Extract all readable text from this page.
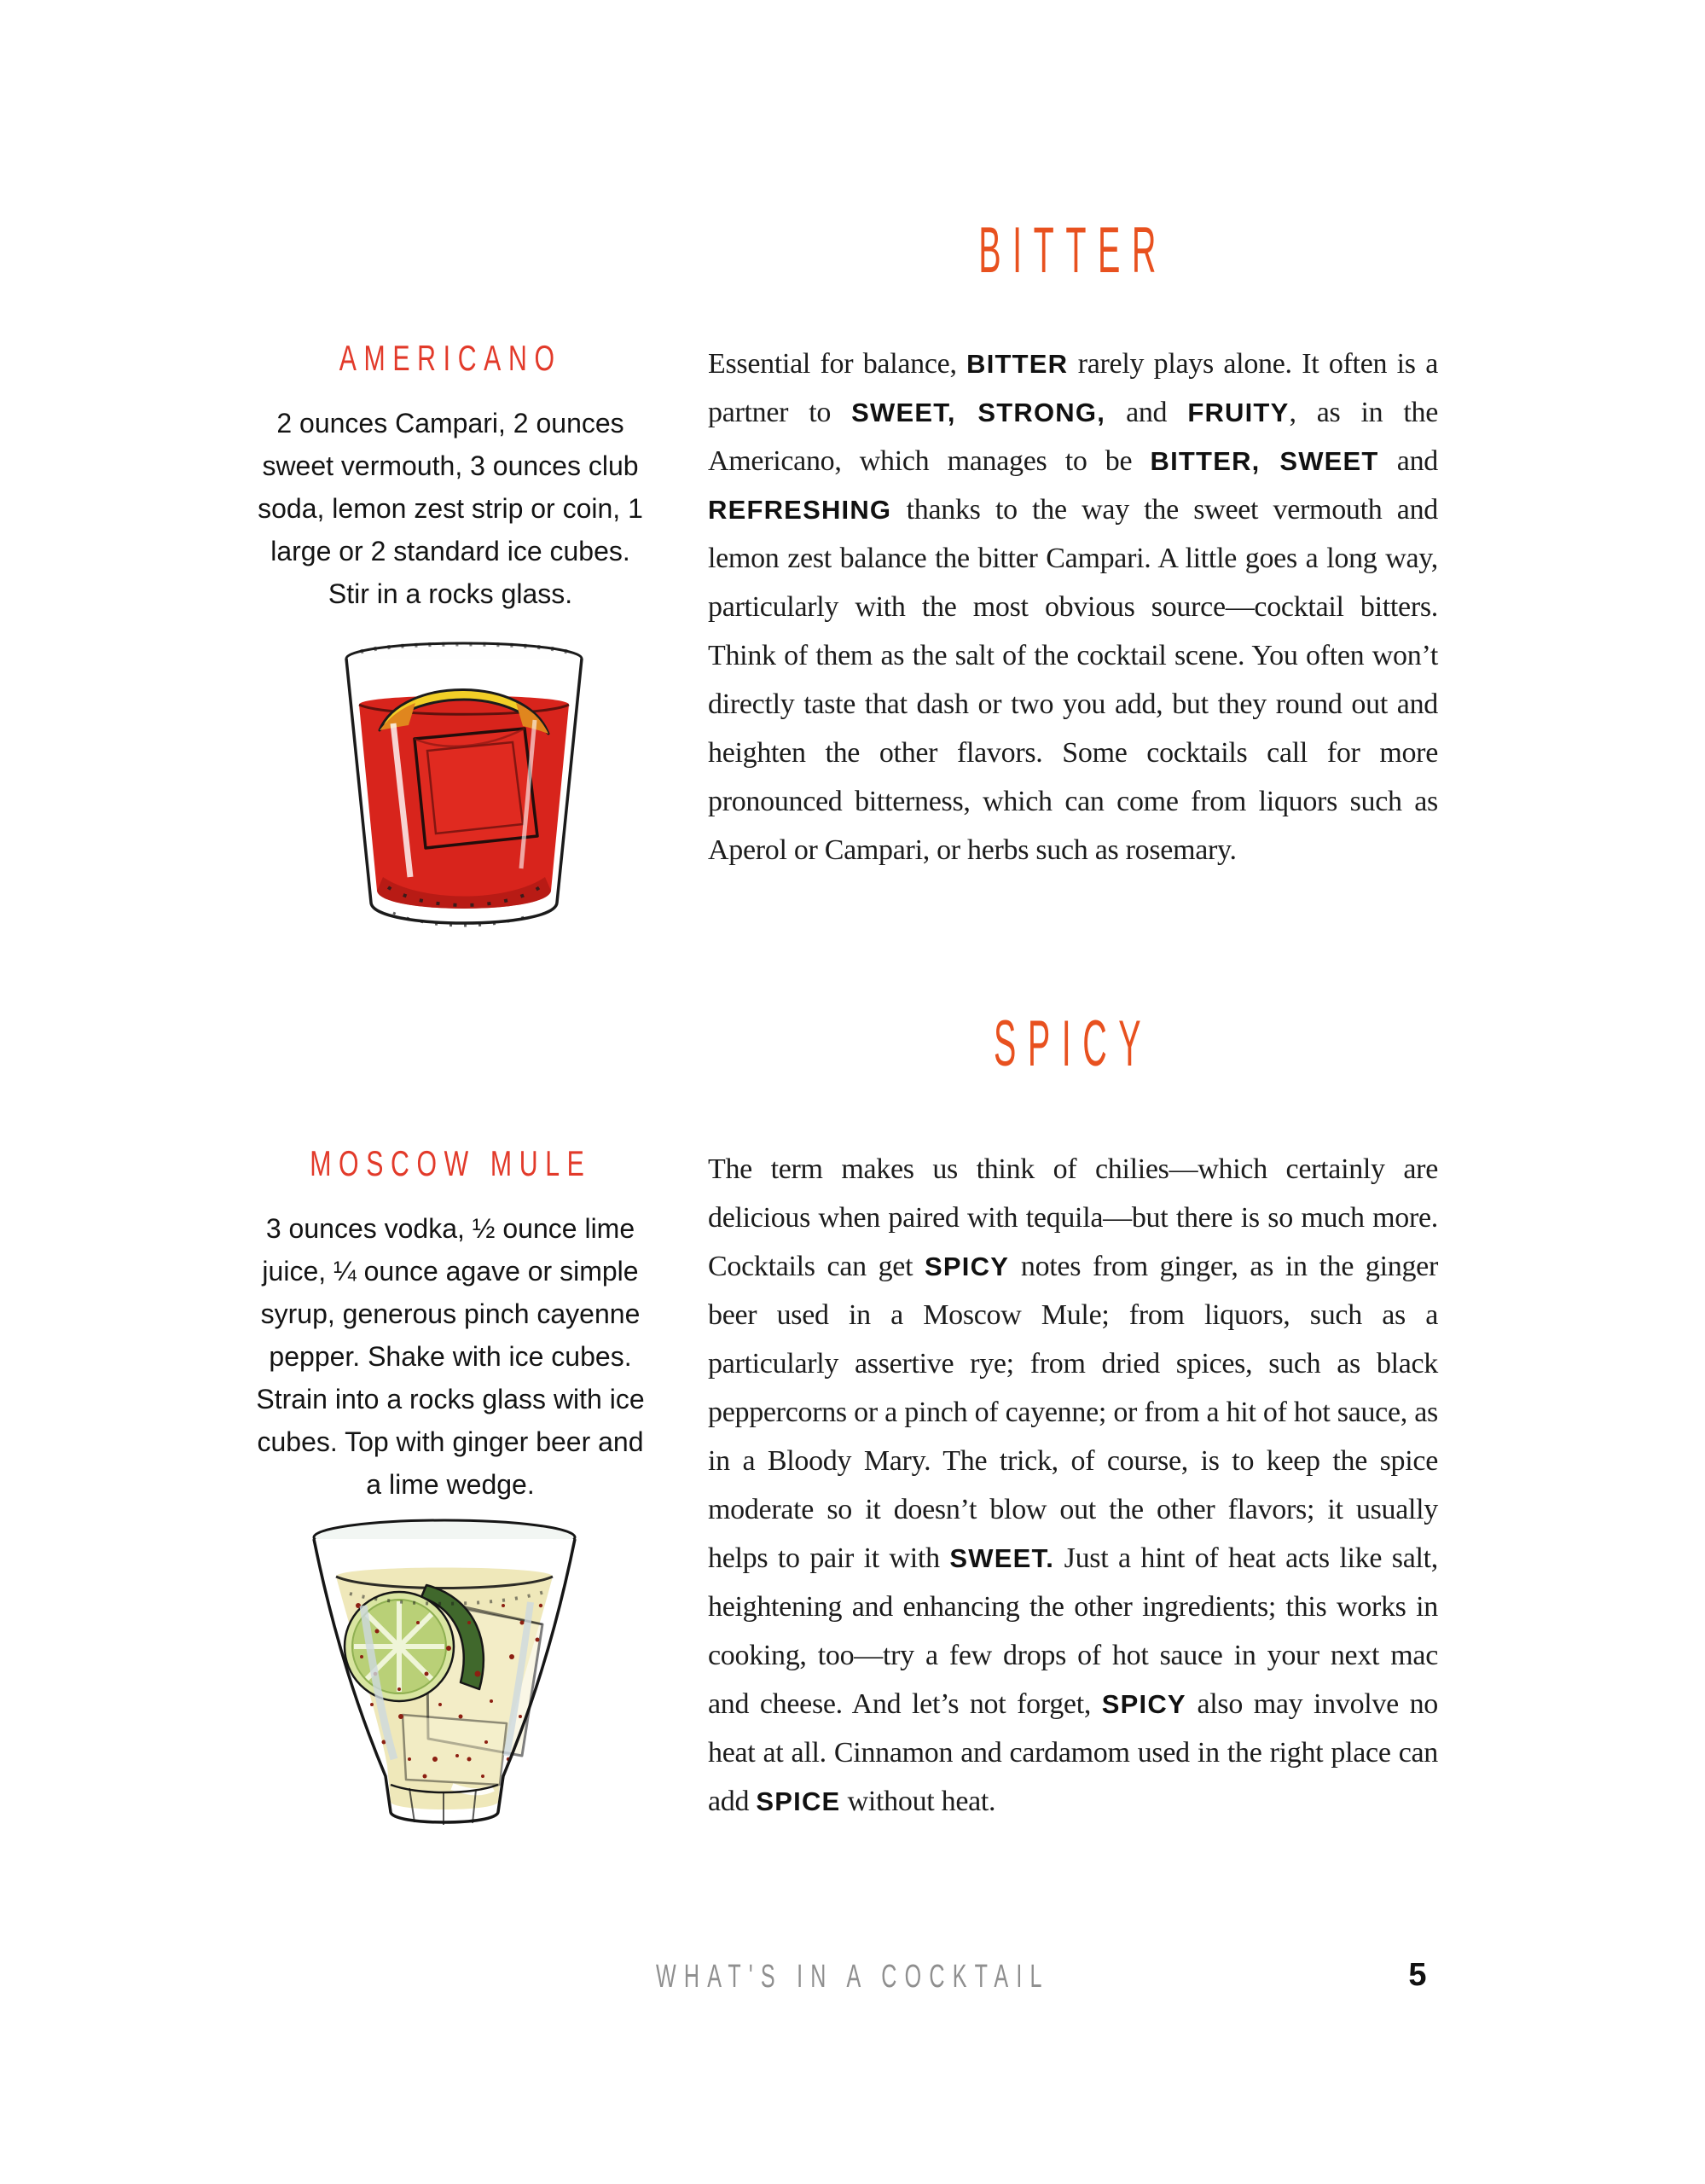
BITTER
AMERICANO

2 ounces Campari, 2 ounces sweet vermouth, 3 ounces club soda, lemon zest strip or coin, 1 large or 2 standard ice cubes. Stir in a rocks glass.

Essential for balance, BITTER rarely plays alone. It often is a partner to SWEET, STRONG, and FRUITY, as in the Americano, which manages to be BITTER, SWEET and REFRESHING thanks to the way the sweet vermouth and lemon zest balance the bitter Campari. A little goes a long way, particularly with the most obvious source—cocktail bitters. Think of them as the salt of the cocktail scene. You often won’t directly taste that dash or two you add, but they round out and heighten the other flavors. Some cocktails call for more pronounced bitterness, which can come from liquors such as Aperol or Campari, or herbs such as rosemary.
SPICY
MOSCOW MULE

3 ounces vodka, ½ ounce lime juice, ¼ ounce agave or simple syrup, generous pinch cayenne pepper. Shake with ice cubes. Strain into a rocks glass with ice cubes. Top with ginger beer and a lime wedge.

The term makes us think of chilies—which certainly are delicious when paired with tequila—but there is so much more. Cocktails can get SPICY notes from ginger, as in the ginger beer used in a Moscow Mule; from liquors, such as a particularly assertive rye; from dried spices, such as black peppercorns or a pinch of cayenne; or from a hit of hot sauce, as in a Bloody Mary. The trick, of course, is to keep the spice moderate so it doesn’t blow out the other flavors; it usually helps to pair it with SWEET. Just a hint of heat acts like salt, heightening and enhancing the other ingredients; this works in cooking, too—try a few drops of hot sauce in your next mac and cheese. And let’s not forget, SPICY also may involve no heat at all. Cinnamon and cardamom used in the right place can add SPICE without heat.
WHAT'S IN A COCKTAIL	5
